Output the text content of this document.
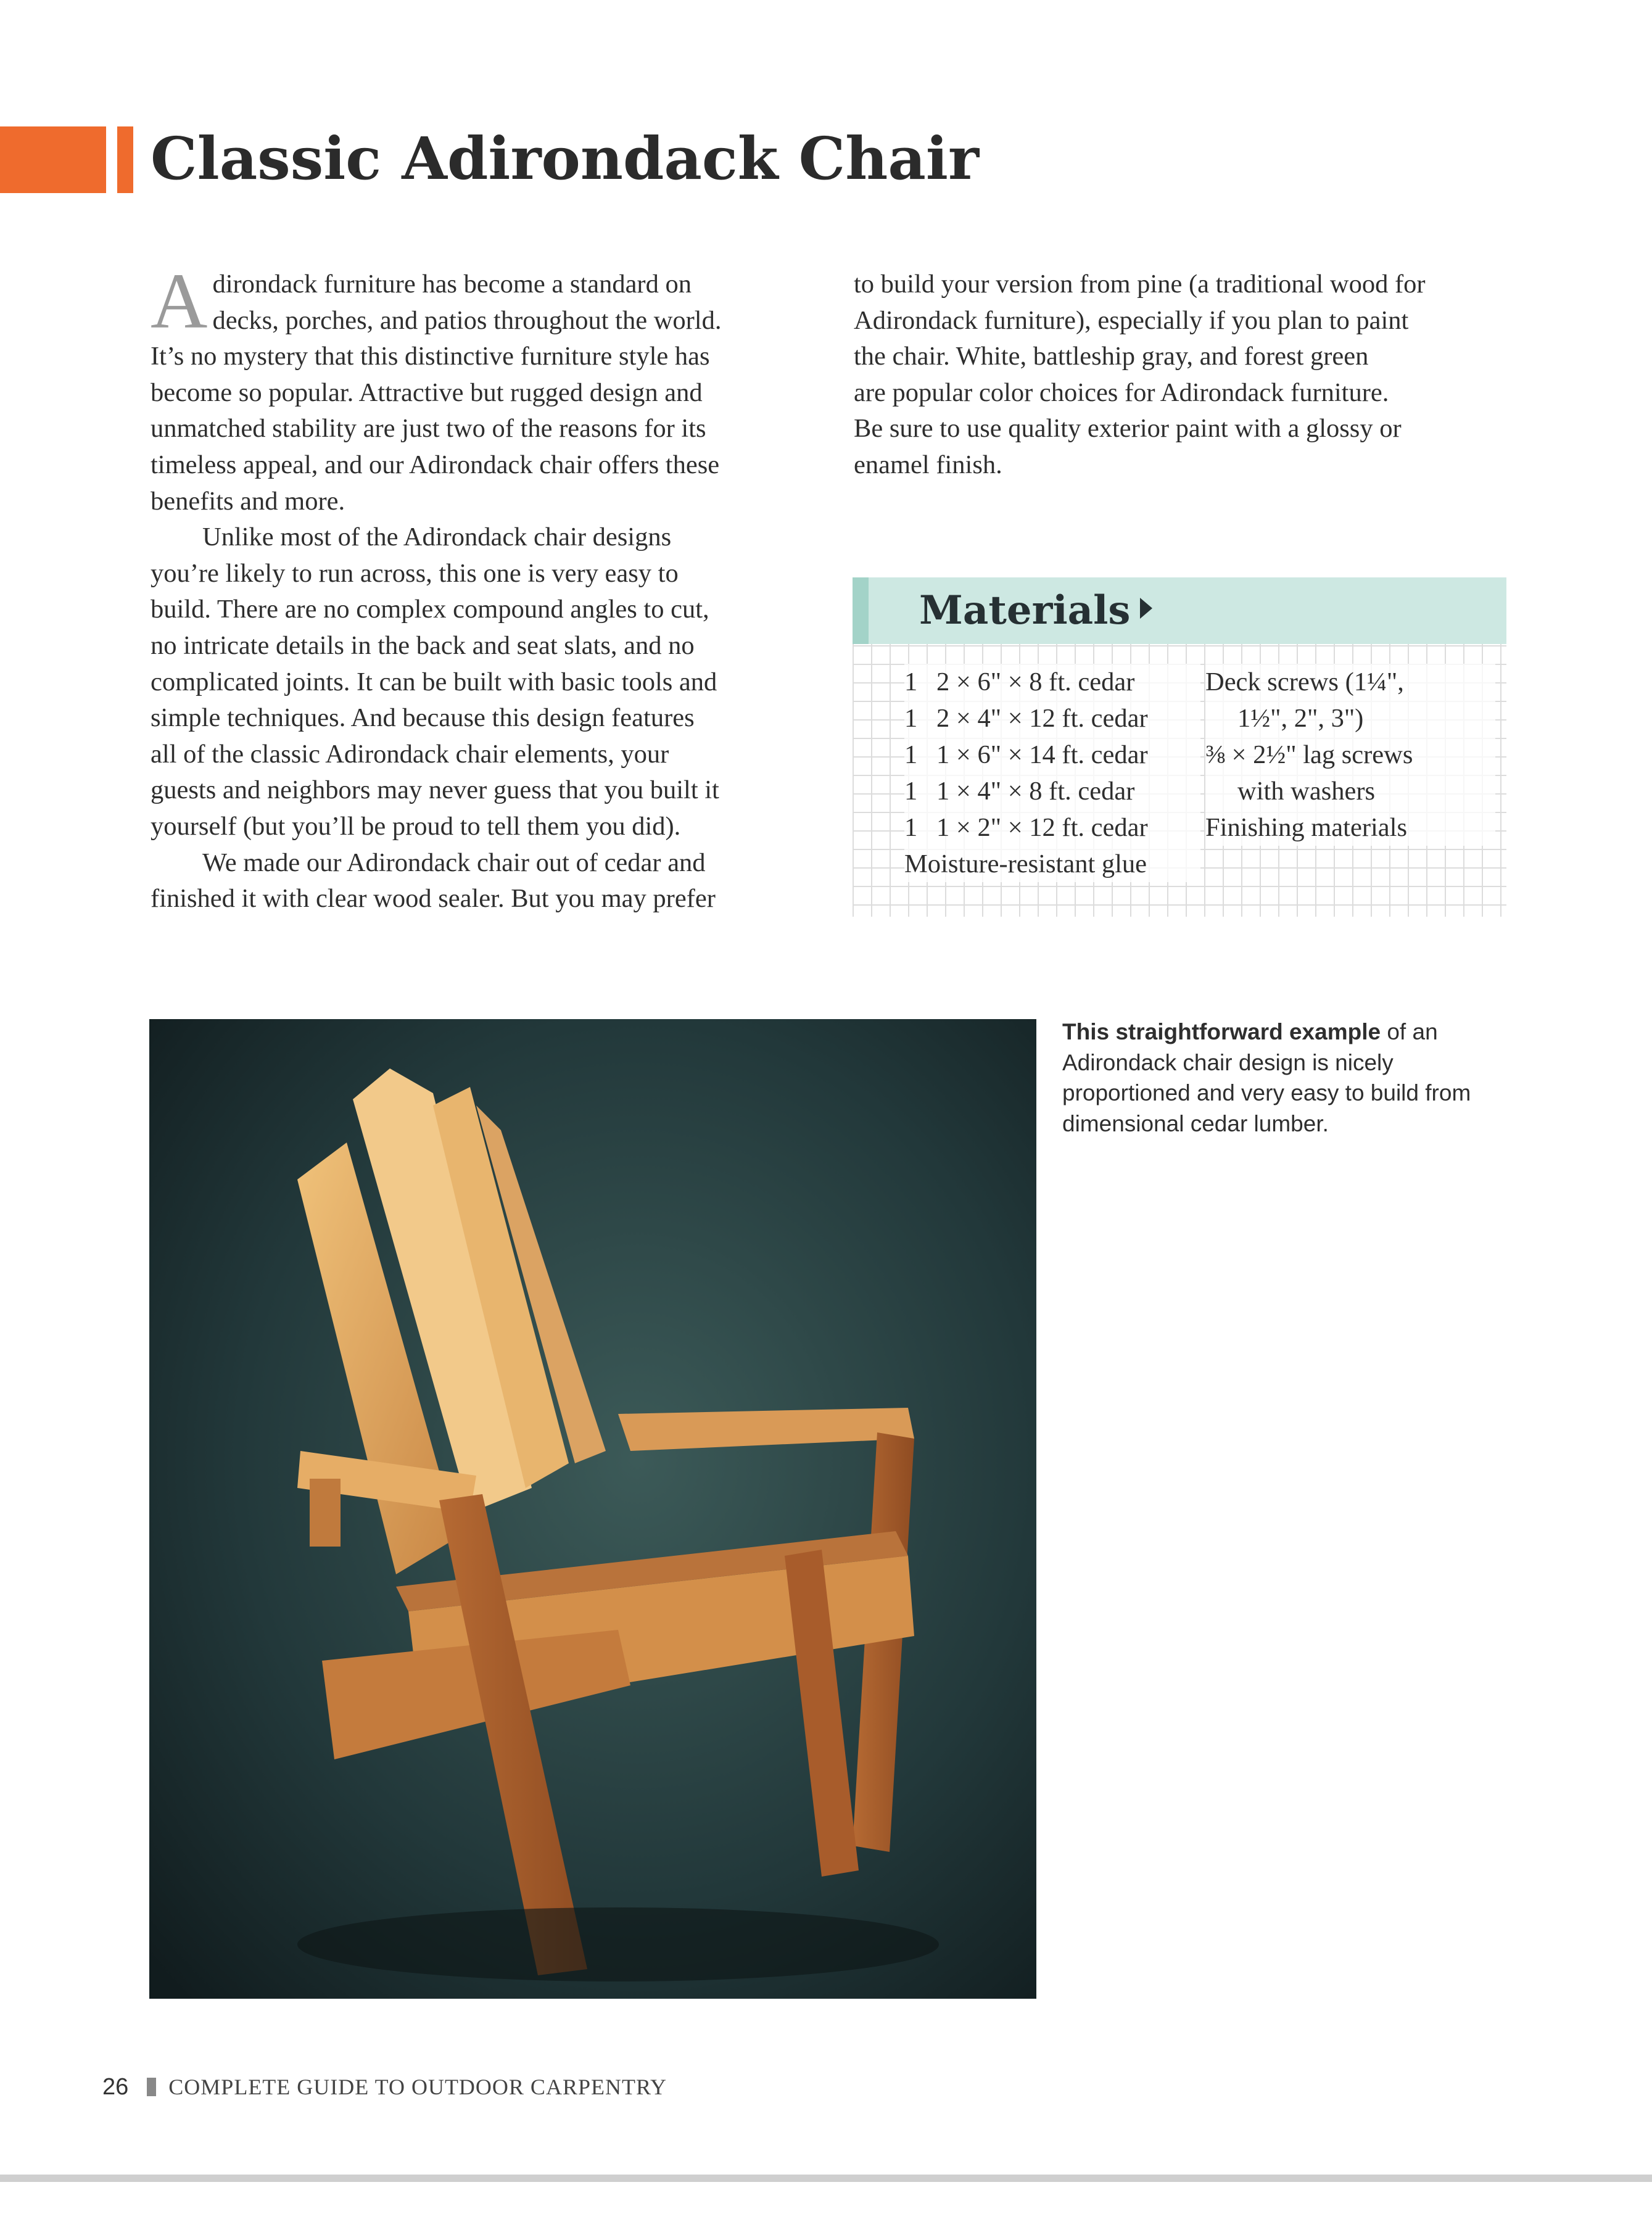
Classic Adirondack Chair

A dirondack furniture has become a standard on
decks, porches, and patios throughout the world.
It’s no mystery that this distinctive furniture style has
become so popular. Attractive but rugged design and
unmatched stability are just two of the reasons for its
timeless appeal, and our Adirondack chair offers these
benefits and more.

Unlike most of the Adirondack chair designs
you’re likely to run across, this one is very easy to
build. There are no complex compound angles to cut,
no intricate details in the back and seat slats, and no
complicated joints. It can be built with basic tools and
simple techniques. And because this design features
all of the classic Adirondack chair elements, your
guests and neighbors may never guess that you built it
yourself (but you’ll be proud to tell them you did).

We made our Adirondack chair out of cedar and
finished it with clear wood sealer. But you may prefer

to build your version from pine (a traditional wood for
Adirondack furniture), especially if you plan to paint
the chair. White, battleship gray, and forest green
are popular color choices for Adirondack furniture.
Be sure to use quality exterior paint with a glossy or
enamel finish.

Materials
1 2 × 6" × 8 ft. cedar
1 2 × 4" × 12 ft. cedar
1 1 × 6" × 14 ft. cedar
1 1 × 4" × 8 ft. cedar
1 1 × 2" × 12 ft. cedar
Moisture-resistant glue
Deck screws (1¼",
1½", 2", 3")
⅜ × 2½" lag screws
with washers
Finishing materials
This straightforward example of an Adirondack chair design is nicely proportioned and very easy to build from dimensional cedar lumber.
26 COMPLETE GUIDE TO OUTDOOR CARPENTRY
